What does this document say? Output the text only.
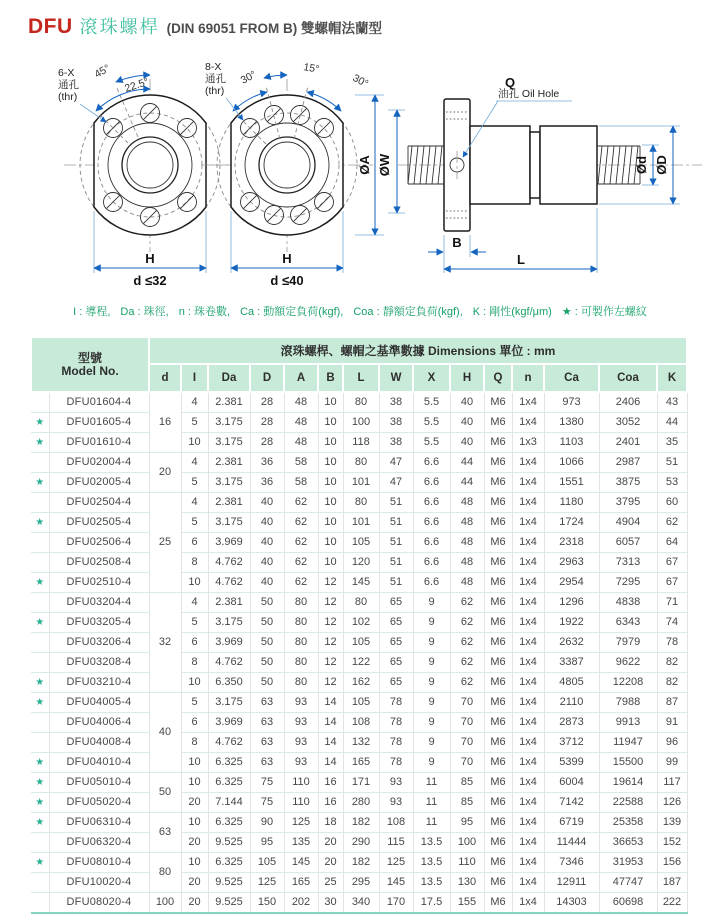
DFU 滾珠螺桿 (DIN 69051 FROM B) 雙螺帽法蘭型
45°
22.5°
6-X
通孔
(thr)
H
d ≤32
30°
15°
30°
8-X
通孔
(thr)
H
d ≤40
ØA
Q
油孔 Oil Hole
ØW	Ød ØD
B
L
I : 導程, Da : 珠徑, n : 珠卷數, Ca : 動額定負荷(kgf), Coa : 靜額定負荷(kgf), K : 剛性(kgf/μm) ★ : 可製作左螺紋
型號
Model No.		滾珠螺桿、螺帽之基準數據 Dimensions 單位 : mm														
		d	I	Da	D	A	B	L	W	X	H	Q	n	Ca	Coa	K
	DFU01604-4	16	4	2.381	28	48	10	80	38	5.5	40	M6	1x4	973	2406	43
★	DFU01605-4		5	3.175	28	48	10	100	38	5.5	40	M6	1x4	1380	3052	44
★	DFU01610-4		10	3.175	28	48	10	118	38	5.5	40	M6	1x3	1103	2401	35
	DFU02004-4	20	4	2.381	36	58	10	80	47	6.6	44	M6	1x4	1066	2987	51
★	DFU02005-4		5	3.175	36	58	10	101	47	6.6	44	M6	1x4	1551	3875	53
	DFU02504-4	25	4	2.381	40	62	10	80	51	6.6	48	M6	1x4	1180	3795	60
★	DFU02505-4		5	3.175	40	62	10	101	51	6.6	48	M6	1x4	1724	4904	62
	DFU02506-4		6	3.969	40	62	10	105	51	6.6	48	M6	1x4	2318	6057	64
	DFU02508-4		8	4.762	40	62	10	120	51	6.6	48	M6	1x4	2963	7313	67
★	DFU02510-4		10	4.762	40	62	12	145	51	6.6	48	M6	1x4	2954	7295	67
	DFU03204-4	32	4	2.381	50	80	12	80	65	9	62	M6	1x4	1296	4838	71
★	DFU03205-4		5	3.175	50	80	12	102	65	9	62	M6	1x4	1922	6343	74
	DFU03206-4		6	3.969	50	80	12	105	65	9	62	M6	1x4	2632	7979	78
	DFU03208-4		8	4.762	50	80	12	122	65	9	62	M6	1x4	3387	9622	82
★	DFU03210-4		10	6.350	50	80	12	162	65	9	62	M6	1x4	4805	12208	82
★	DFU04005-4	40	5	3.175	63	93	14	105	78	9	70	M6	1x4	2110	7988	87
	DFU04006-4		6	3.969	63	93	14	108	78	9	70	M6	1x4	2873	9913	91
	DFU04008-4		8	4.762	63	93	14	132	78	9	70	M6	1x4	3712	11947	96
★	DFU04010-4		10	6.325	63	93	14	165	78	9	70	M6	1x4	5399	15500	99
★	DFU05010-4	50	10	6.325	75	110	16	171	93	11	85	M6	1x4	6004	19614	117
★	DFU05020-4		20	7.144	75	110	16	280	93	11	85	M6	1x4	7142	22588	126
★	DFU06310-4	63	10	6.325	90	125	18	182	108	11	95	M6	1x4	6719	25358	139
	DFU06320-4		20	9.525	95	135	20	290	115	13.5	100	M6	1x4	11444	36653	152
★	DFU08010-4	80	10	6.325	105	145	20	182	125	13.5	110	M6	1x4	7346	31953	156
	DFU10020-4		20	9.525	125	165	25	295	145	13.5	130	M6	1x4	12911	47747	187
	DFU08020-4	100	20	9.525	150	202	30	340	170	17.5	155	M6	1x4	14303	60698	222
